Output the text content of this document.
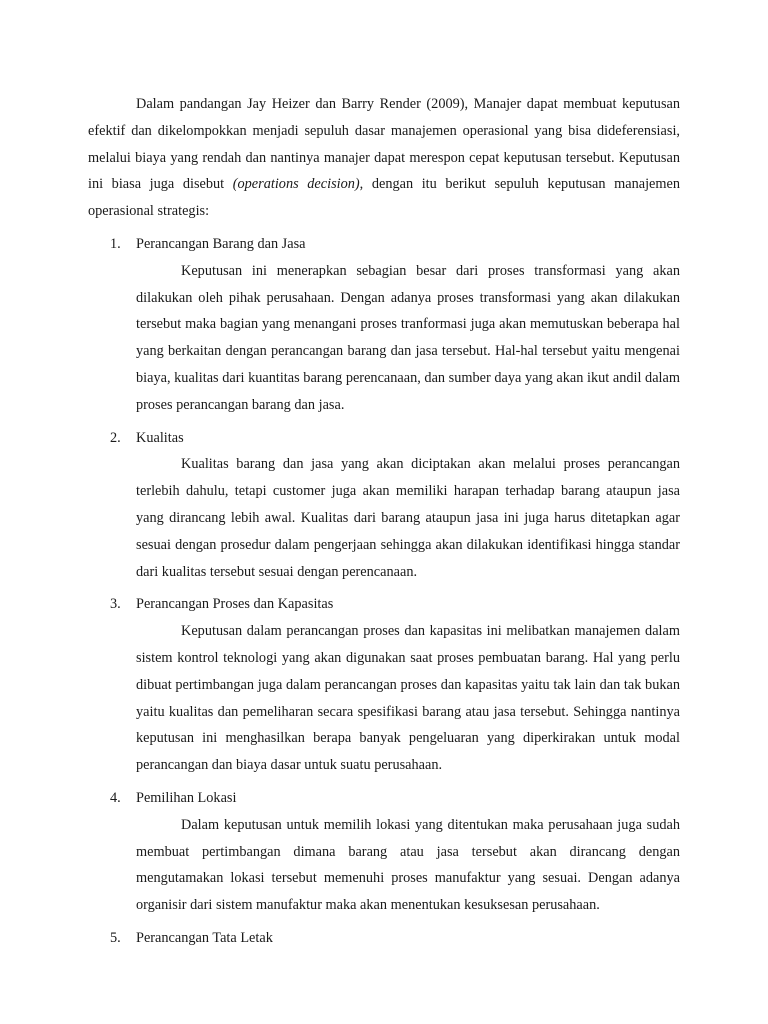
Dalam pandangan Jay Heizer dan Barry Render (2009), Manajer dapat membuat keputusan efektif dan dikelompokkan menjadi sepuluh dasar manajemen operasional yang bisa dideferensiasi, melalui biaya yang rendah dan nantinya manajer dapat merespon cepat keputusan tersebut. Keputusan ini biasa juga disebut (operations decision), dengan itu berikut sepuluh keputusan manajemen operasional strategis:

1. Perancangan Barang dan Jasa

Keputusan ini menerapkan sebagian besar dari proses transformasi yang akan dilakukan oleh pihak perusahaan. Dengan adanya proses transformasi yang akan dilakukan tersebut maka bagian yang menangani proses tranformasi juga akan memutuskan beberapa hal yang berkaitan dengan perancangan barang dan jasa tersebut. Hal-hal tersebut yaitu mengenai biaya, kualitas dari kuantitas barang perencanaan, dan sumber daya yang akan ikut andil dalam proses perancangan barang dan jasa.

2. Kualitas

Kualitas barang dan jasa yang akan diciptakan akan melalui proses perancangan terlebih dahulu, tetapi customer juga akan memiliki harapan terhadap barang ataupun jasa yang dirancang lebih awal. Kualitas dari barang ataupun jasa ini juga harus ditetapkan agar sesuai dengan prosedur dalam pengerjaan sehingga akan dilakukan identifikasi hingga standar dari kualitas tersebut sesuai dengan perencanaan.

3. Perancangan Proses dan Kapasitas

Keputusan dalam perancangan proses dan kapasitas ini melibatkan manajemen dalam sistem kontrol teknologi yang akan digunakan saat proses pembuatan barang. Hal yang perlu dibuat pertimbangan juga dalam perancangan proses dan kapasitas yaitu tak lain dan tak bukan yaitu kualitas dan pemeliharan secara spesifikasi barang atau jasa tersebut. Sehingga nantinya keputusan ini menghasilkan berapa banyak pengeluaran yang diperkirakan untuk modal perancangan dan biaya dasar untuk suatu perusahaan.

4. Pemilihan Lokasi

Dalam keputusan untuk memilih lokasi yang ditentukan maka perusahaan juga sudah membuat pertimbangan dimana barang atau jasa tersebut akan dirancang dengan mengutamakan lokasi tersebut memenuhi proses manufaktur yang sesuai. Dengan adanya organisir dari sistem manufaktur maka akan menentukan kesuksesan perusahaan.

5. Perancangan Tata Letak
